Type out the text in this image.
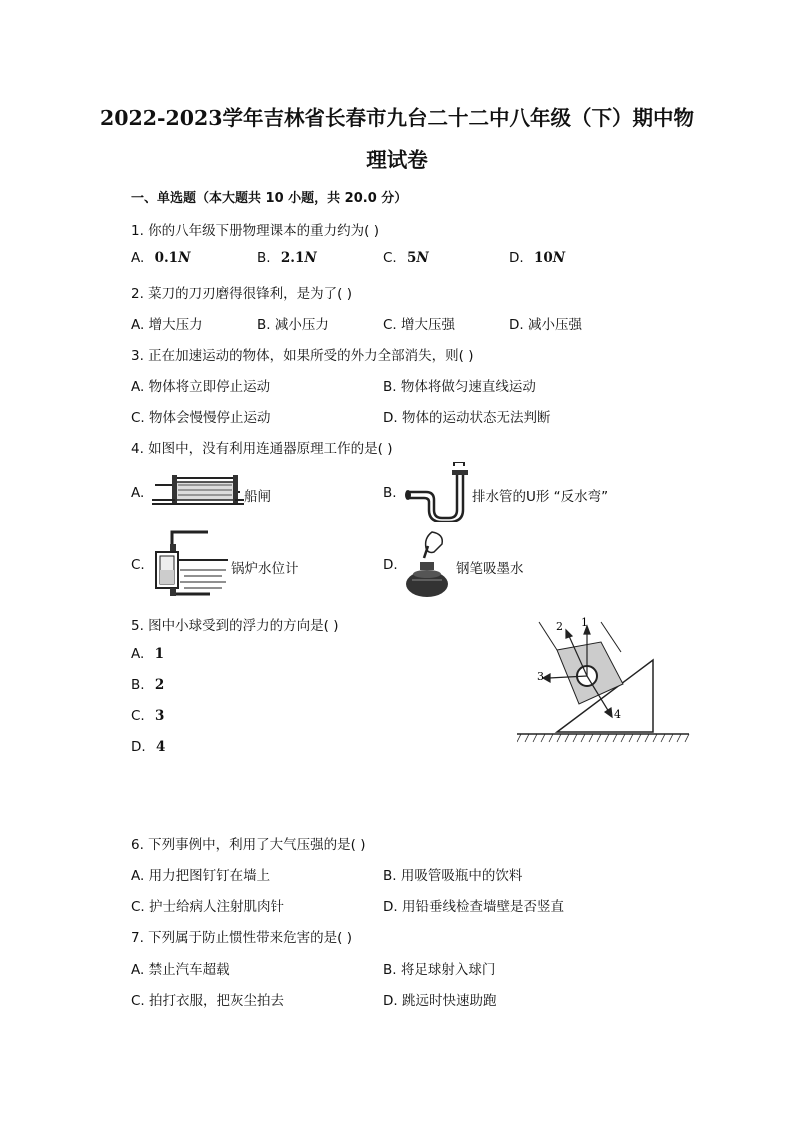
2022-2023学年吉林省长春市九台二十二中八年级（下）期中物
理试卷
一、单选题（本大题共 10 小题，共 20.0 分）
1. 你的八年级下册物理课本的重力约为( )
A. 0.1N	B. 2.1N	C. 5N	D. 10N
2. 菜刀的刀刃磨得很锋利，是为了( )
A. 增大压力	B. 减小压力	C. 增大压强	D. 减小压强
3. 正在加速运动的物体，如果所受的外力全部消失，则( )
A. 物体将立即停止运动	B. 物体将做匀速直线运动
C. 物体会慢慢停止运动	D. 物体的运动状态无法判断
4. 如图中，没有利用连通器原理工作的是( )
A.	船闸	B.	排水管的U形 “反水弯”
C.	锅炉水位计	D.	钢笔吸墨水
5. 图中小球受到的浮力的方向是( )
A. 1
B. 2
C. 3
D. 4
1
2
3
4
6. 下列事例中，利用了大气压强的是( )
A. 用力把图钉钉在墙上	B. 用吸管吸瓶中的饮料
C. 护士给病人注射肌肉针	D. 用铅垂线检查墙壁是否竖直
7. 下列属于防止惯性带来危害的是( )
A. 禁止汽车超载	B. 将足球射入球门
C. 拍打衣服，把灰尘拍去	D. 跳远时快速助跑
